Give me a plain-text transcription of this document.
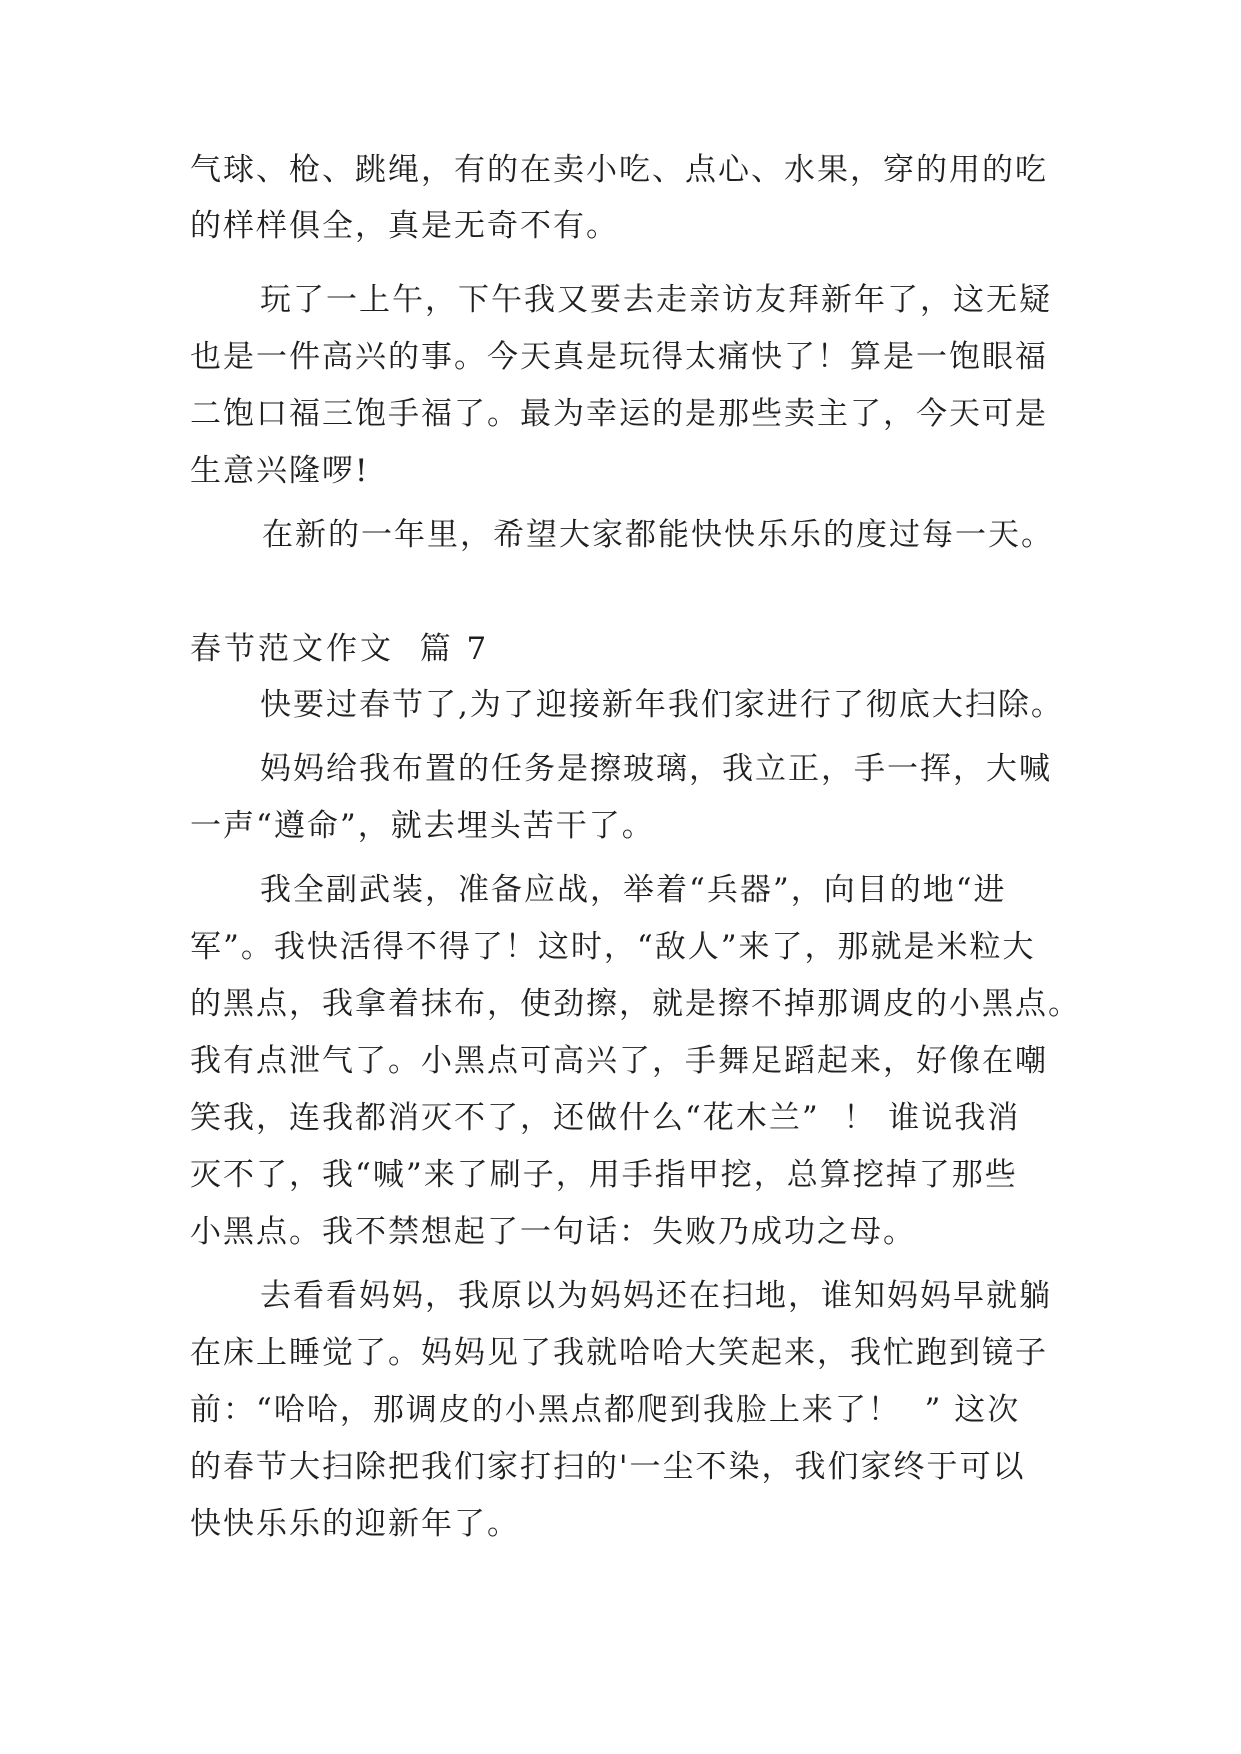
气球、枪、跳绳，有的在卖小吃、点心、水果，穿的用的吃
的样样俱全，真是无奇不有。
玩了一上午，下午我又要去走亲访友拜新年了，这无疑
也是一件高兴的事。今天真是玩得太痛快了！算是一饱眼福
二饱口福三饱手福了。最为幸运的是那些卖主了，今天可是
生意兴隆啰!
在新的一年里，希望大家都能快快乐乐的度过每一天。
春节范文作文  篇 7
快要过春节了,为了迎接新年我们家进行了彻底大扫除。
妈妈给我布置的任务是擦玻璃，我立正，手一挥，大喊
一声“遵命”，就去埋头苦干了。
我全副武装，准备应战，举着“兵器”，向目的地“进
军”。我快活得不得了！这时，“敌人”来了，那就是米粒大
的黑点，我拿着抹布，使劲擦，就是擦不掉那调皮的小黑点。
我有点泄气了。小黑点可高兴了，手舞足蹈起来，好像在嘲
笑我，连我都消灭不了，还做什么“花木兰”  ！ 谁说我消
灭不了，我“喊”来了刷子，用手指甲挖，总算挖掉了那些
小黑点。我不禁想起了一句话：失败乃成功之母。
去看看妈妈，我原以为妈妈还在扫地，谁知妈妈早就躺
在床上睡觉了。妈妈见了我就哈哈大笑起来，我忙跑到镜子
前：“哈哈，那调皮的小黑点都爬到我脸上来了！  ” 这次
的春节大扫除把我们家打扫的'一尘不染，我们家终于可以
快快乐乐的迎新年了。
